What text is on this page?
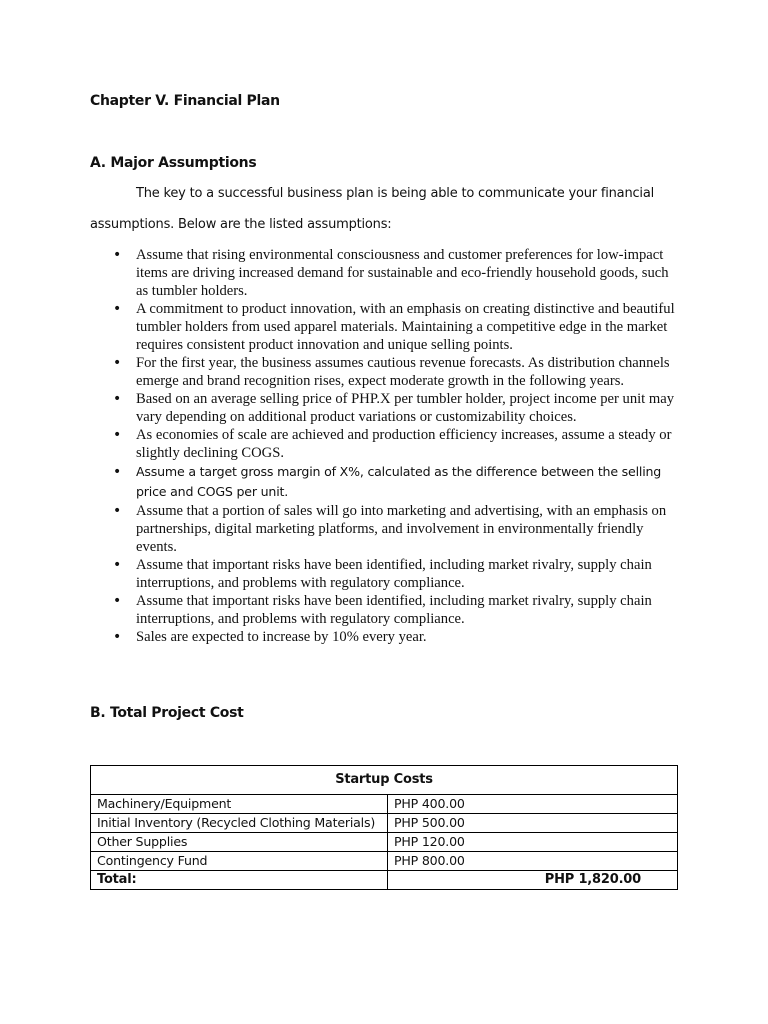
Chapter V. Financial Plan
A. Major Assumptions
The key to a successful business plan is being able to communicate your financial
assumptions. Below are the listed assumptions:
• Assume that rising environmental consciousness and customer preferences for low-impact items are driving increased demand for sustainable and eco-friendly household goods, such as tumbler holders.
• A commitment to product innovation, with an emphasis on creating distinctive and beautiful tumbler holders from used apparel materials. Maintaining a competitive edge in the market requires consistent product innovation and unique selling points.
• For the first year, the business assumes cautious revenue forecasts. As distribution channels emerge and brand recognition rises, expect moderate growth in the following years.
• Based on an average selling price of PHP.X per tumbler holder, project income per unit may vary depending on additional product variations or customizability choices.
• As economies of scale are achieved and production efficiency increases, assume a steady or slightly declining COGS.
• Assume a target gross margin of X%, calculated as the difference between the selling price and COGS per unit.
• Assume that a portion of sales will go into marketing and advertising, with an emphasis on partnerships, digital marketing platforms, and involvement in environmentally friendly events.
• Assume that important risks have been identified, including market rivalry, supply chain interruptions, and problems with regulatory compliance.
• Assume that important risks have been identified, including market rivalry, supply chain interruptions, and problems with regulatory compliance.
• Sales are expected to increase by 10% every year.
B. Total Project Cost
Startup Costs	
Machinery/Equipment	PHP 400.00
Initial Inventory (Recycled Clothing Materials)	PHP 500.00
Other Supplies	PHP 120.00
Contingency Fund	PHP 800.00
Total:	PHP 1,820.00
